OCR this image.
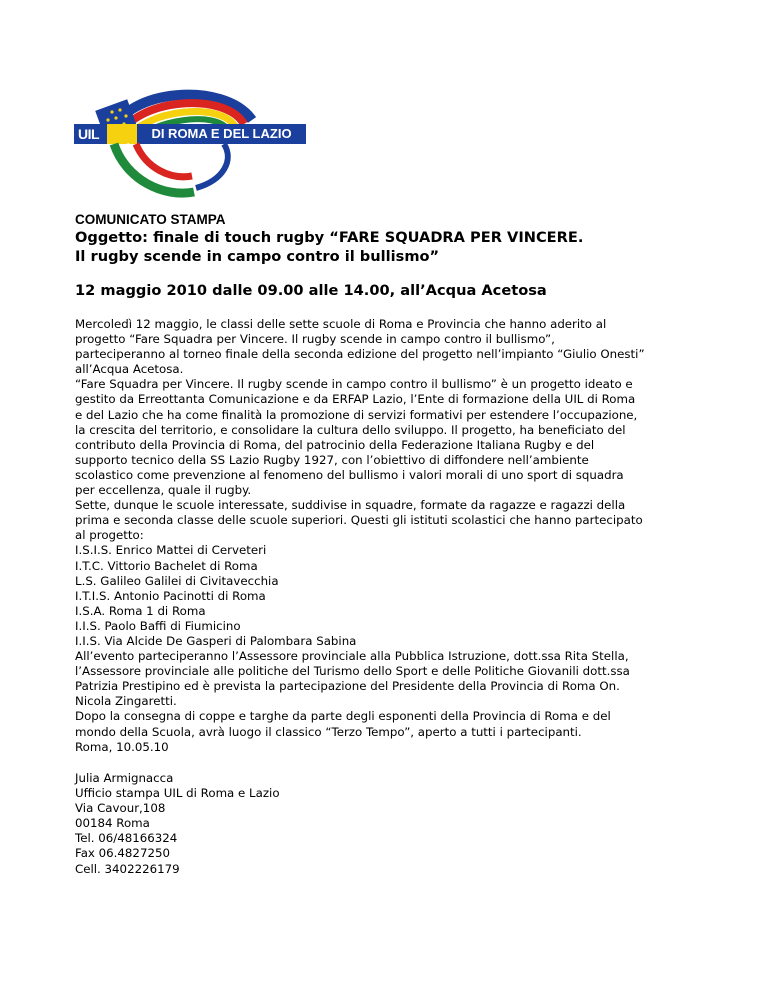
UIL	DI ROMA E DEL LAZIO

COMUNICATO STAMPA

Oggetto: finale di touch rugby “FARE SQUADRA PER VINCERE.
Il rugby scende in campo contro il bullismo”

12 maggio 2010 dalle 09.00 alle 14.00, all’Acqua Acetosa

Mercoledì 12 maggio, le classi delle sette scuole di Roma e Provincia che hanno aderito al
progetto “Fare Squadra per Vincere. Il rugby scende in campo contro il bullismo”,
parteciperanno al torneo finale della seconda edizione del progetto nell’impianto “Giulio Onesti”
all’Acqua Acetosa.

“Fare Squadra per Vincere. Il rugby scende in campo contro il bullismo” è un progetto ideato e
gestito da Erreottanta Comunicazione e da ERFAP Lazio, l’Ente di formazione della UIL di Roma
e del Lazio che ha come finalità la promozione di servizi formativi per estendere l’occupazione,
la crescita del territorio, e consolidare la cultura dello sviluppo. Il progetto, ha beneficiato del
contributo della Provincia di Roma, del patrocinio della Federazione Italiana Rugby e del
supporto tecnico della SS Lazio Rugby 1927, con l’obiettivo di diffondere nell’ambiente
scolastico come prevenzione al fenomeno del bullismo i valori morali di uno sport di squadra
per eccellenza, quale il rugby.

Sette, dunque le scuole interessate, suddivise in squadre, formate da ragazze e ragazzi della
prima e seconda classe delle scuole superiori. Questi gli istituti scolastici che hanno partecipato
al progetto:

I.S.I.S. Enrico Mattei di Cerveteri
I.T.C. Vittorio Bachelet di Roma
L.S. Galileo Galilei di Civitavecchia
I.T.I.S. Antonio Pacinotti di Roma
I.S.A. Roma 1 di Roma
I.I.S. Paolo Baffi di Fiumicino
I.I.S. Via Alcide De Gasperi di Palombara Sabina

All’evento parteciperanno l’Assessore provinciale alla Pubblica Istruzione, dott.ssa Rita Stella,
l’Assessore provinciale alle politiche del Turismo dello Sport e delle Politiche Giovanili dott.ssa
Patrizia Prestipino ed è prevista la partecipazione del Presidente della Provincia di Roma On.
Nicola Zingaretti.

Dopo la consegna di coppe e targhe da parte degli esponenti della Provincia di Roma e del
mondo della Scuola, avrà luogo il classico “Terzo Tempo”, aperto a tutti i partecipanti.

Roma, 10.05.10

Julia Armignacca
Ufficio stampa UIL di Roma e Lazio
Via Cavour,108
00184 Roma
Tel. 06/48166324
Fax 06.4827250
Cell. 3402226179
